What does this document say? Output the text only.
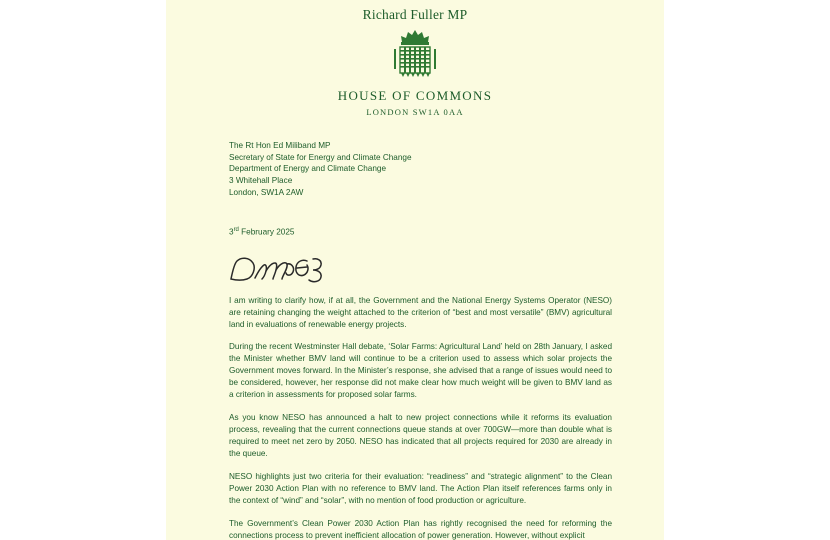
Richard Fuller MP
HOUSE OF COMMONS
LONDON SW1A 0AA
The Rt Hon Ed Miliband MP
Secretary of State for Energy and Climate Change
Department of Energy and Climate Change
3 Whitehall Place
London, SW1A 2AW
3rd February 2025
I am writing to clarify how, if at all, the Government and the National Energy Systems Operator (NESO) are retaining changing the weight attached to the criterion of “best and most versatile” (BMV) agricultural land in evaluations of renewable energy projects.
During the recent Westminster Hall debate, ‘Solar Farms: Agricultural Land’ held on 28th January, I asked the Minister whether BMV land will continue to be a criterion used to assess which solar projects the Government moves forward. In the Minister’s response, she advised that a range of issues would need to be considered, however, her response did not make clear how much weight will be given to BMV land as a criterion in assessments for proposed solar farms.
As you know NESO has announced a halt to new project connections while it reforms its evaluation process, revealing that the current connections queue stands at over 700GW—more than double what is required to meet net zero by 2050. NESO has indicated that all projects required for 2030 are already in the queue.
NESO highlights just two criteria for their evaluation: “readiness” and “strategic alignment” to the Clean Power 2030 Action Plan with no reference to BMV land. The Action Plan itself references farms only in the context of “wind” and “solar”, with no mention of food production or agriculture.
The Government’s Clean Power 2030 Action Plan has rightly recognised the need for reforming the connections process to prevent inefficient allocation of power generation. However, without explicit
